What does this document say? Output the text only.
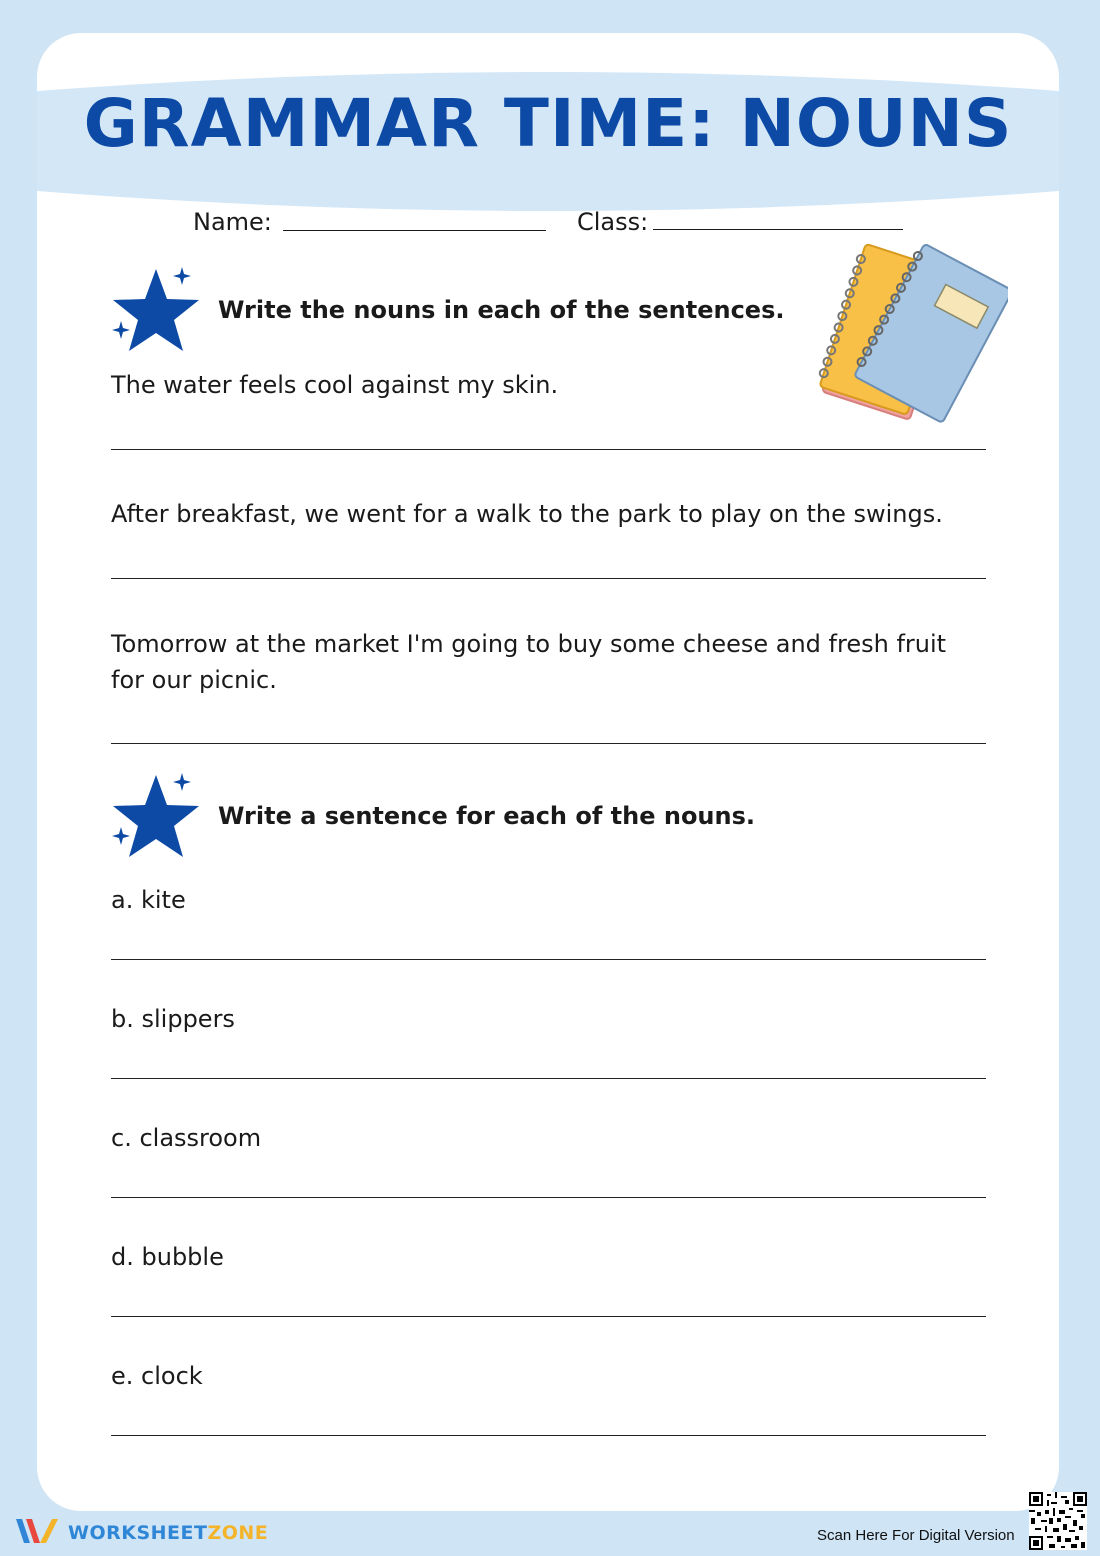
GRAMMAR TIME: NOUNS
Name:	Class:
Write the nouns in each of the sentences.
The water feels cool against my skin.
After breakfast, we went for a walk to the park to play on the swings.
Tomorrow at the market I'm going to buy some cheese and fresh fruit for our picnic.
Write a sentence for each of the nouns.
a. kite
b. slippers
c. classroom
d. bubble
e. clock
WORKSHEETZONE	Scan Here For Digital Version
